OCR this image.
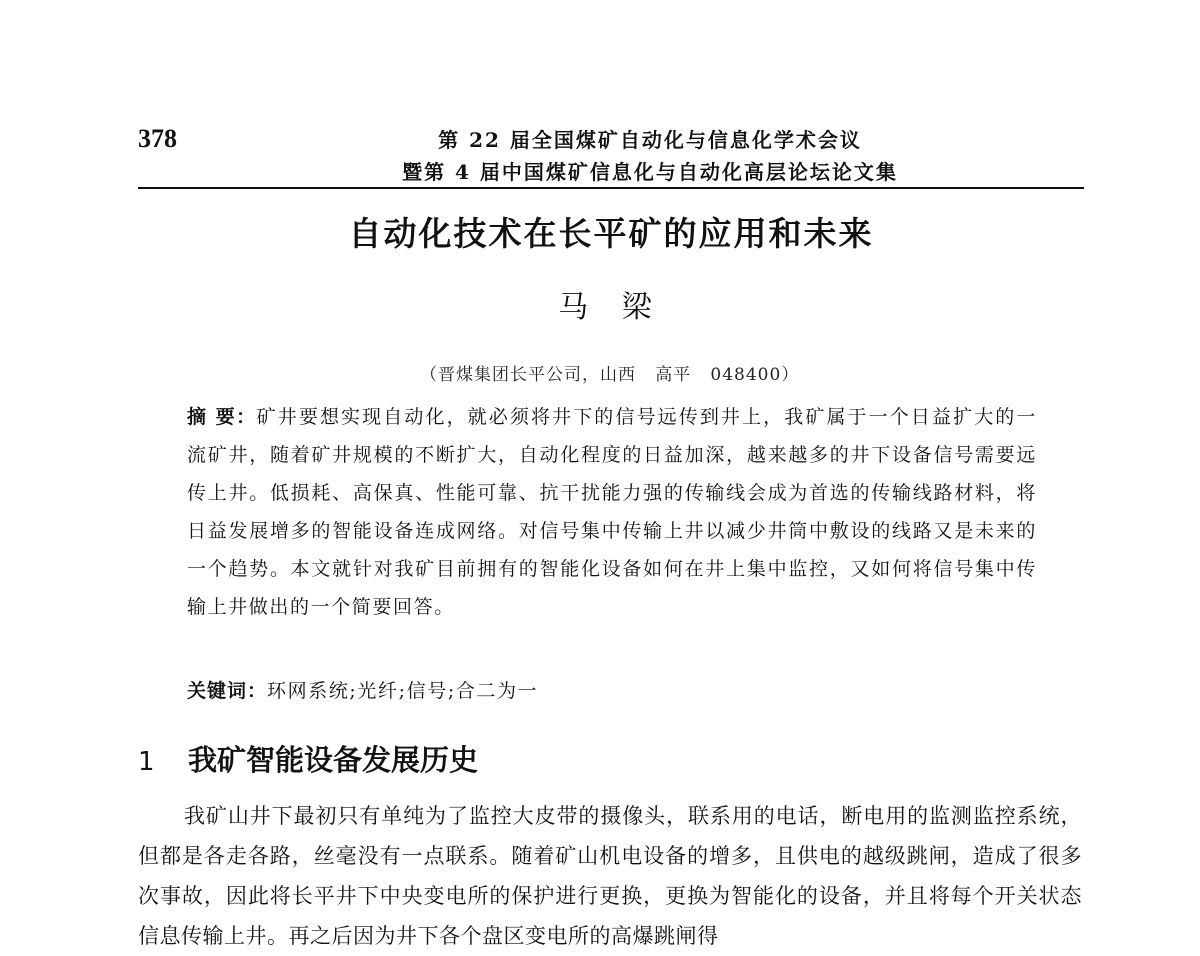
378	第 22 届全国煤矿自动化与信息化学术会议
暨第 4 届中国煤矿信息化与自动化高层论坛论文集
自动化技术在长平矿的应用和未来
马 梁
（晋煤集团长平公司，山西   高平   048400）
摘 要：矿井要想实现自动化，就必须将井下的信号远传到井上，我矿属于一个日益扩大的一流矿井，随着矿井规模的不断扩大，自动化程度的日益加深，越来越多的井下设备信号需要远传上井。低损耗、高保真、性能可靠、抗干扰能力强的传输线会成为首选的传输线路材料，将日益发展增多的智能设备连成网络。对信号集中传输上井以减少井筒中敷设的线路又是未来的一个趋势。本文就针对我矿目前拥有的智能化设备如何在井上集中监控，又如何将信号集中传输上井做出的一个简要回答。
关键词：环网系统;光纤;信号;合二为一
1 我矿智能设备发展历史
我矿山井下最初只有单纯为了监控大皮带的摄像头，联系用的电话，断电用的监测监控系统，但都是各走各路，丝毫没有一点联系。随着矿山机电设备的增多，且供电的越级跳闸，造成了很多次事故，因此将长平井下中央变电所的保护进行更换，更换为智能化的设备，并且将每个开关状态信息传输上井。再之后因为井下各个盘区变电所的高爆跳闸得
